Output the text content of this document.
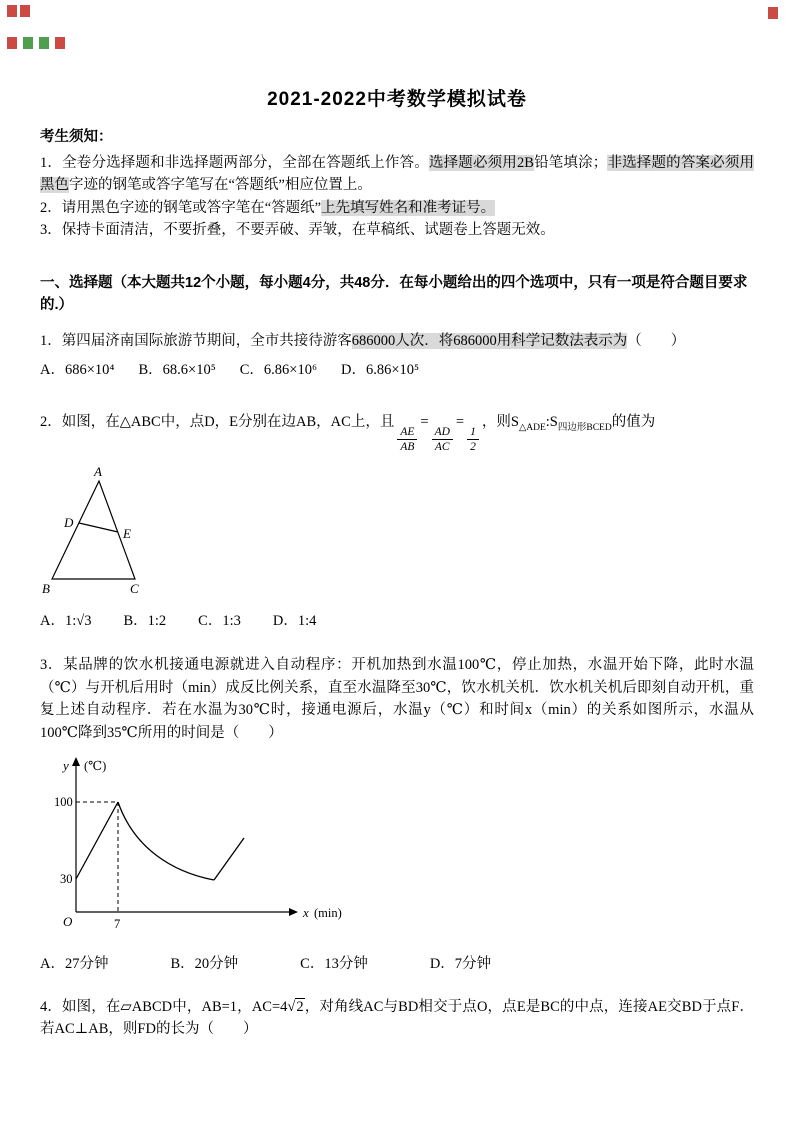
2021-2022中考数学模拟试卷

考生须知：

1．全卷分选择题和非选择题两部分，全部在答题纸上作答。选择题必须用2B铅笔填涂；非选择题的答案必须用黑色字迹的钢笔或答字笔写在“答题纸”相应位置上。

2．请用黑色字迹的钢笔或答字笔在“答题纸”上先填写姓名和准考证号。

3．保持卡面清洁，不要折叠，不要弄破、弄皱，在草稿纸、试题卷上答题无效。

一、选择题（本大题共12个小题，每小题4分，共48分．在每小题给出的四个选项中，只有一项是符合题目要求的.）

1．第四届济南国际旅游节期间，全市共接待游客686000人次．将686000用科学记数法表示为（　　）

A．686×10⁴ B．68.6×10⁵ C．6.86×10⁶ D．6.86×10⁵

2．如图，在△ABC中，点D，E分别在边AB，AC上，且
$\frac{AE}{AB}$
=
$\frac{AD}{AC}$
=
$\frac{1}{2}$
，则$S_{\triangle ADE}:S_{四边形BCED}$的值为

A
B	C
D
E
A．1:√3 B．1:2 C．1:3 D．1:4

3．某品牌的饮水机接通电源就进入自动程序：开机加热到水温100℃，停止加热，水温开始下降，此时水温（℃）与开机后用时（min）成反比例关系，直至水温降至30℃，饮水机关机．饮水机关机后即刻自动开机，重复上述自动程序．若在水温为30℃时，接通电源后，水温y（℃）和时间x（min）的关系如图所示，水温从100℃降到35℃所用的时间是（　　）

y (℃)
100
30
O	7
x (min)
A．27分钟	B．20分钟	C．13分钟	D．7分钟

4．如图，在▱ABCD中，AB=1，AC=4√2，对角线AC与BD相交于点O，点E是BC的中点，连接AE交BD于点F．若AC⊥AB，则FD的长为（　　）
